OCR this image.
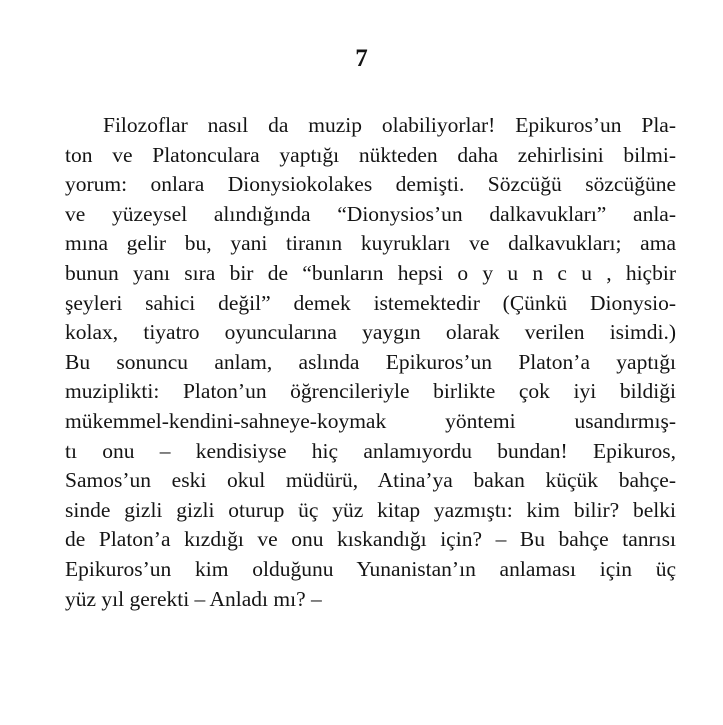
7
Filozoflar nasıl da muzip olabiliyorlar! Epikuros’un Pla-
ton ve Platonculara yaptığı nükteden daha zehirlisini bilmi-
yorum: onlara Dionysiokolakes demişti. Sözcüğü sözcüğüne
ve yüzeysel alındığında “Dionysios’un dalkavukları” anla-
mına gelir bu, yani tiranın kuyrukları ve dalkavukları; ama
bunun yanı sıra bir de “bunların hepsi o y u n c u , hiçbir
şeyleri sahici değil” demek istemektedir (Çünkü Dionysio-
kolax, tiyatro oyuncularına yaygın olarak verilen isimdi.)
Bu sonuncu anlam, aslında Epikuros’un Platon’a yaptığı
muziplikti: Platon’un öğrencileriyle birlikte çok iyi bildiği
mükemmel-kendini-sahneye-koymak yöntemi usandırmış-
tı onu – kendisiyse hiç anlamıyordu bundan! Epikuros,
Samos’un eski okul müdürü, Atina’ya bakan küçük bahçe-
sinde gizli gizli oturup üç yüz kitap yazmıştı: kim bilir? belki
de Platon’a kızdığı ve onu kıskandığı için? – Bu bahçe tanrısı
Epikuros’un kim olduğunu Yunanistan’ın anlaması için üç
yüz yıl gerekti – Anladı mı? –
